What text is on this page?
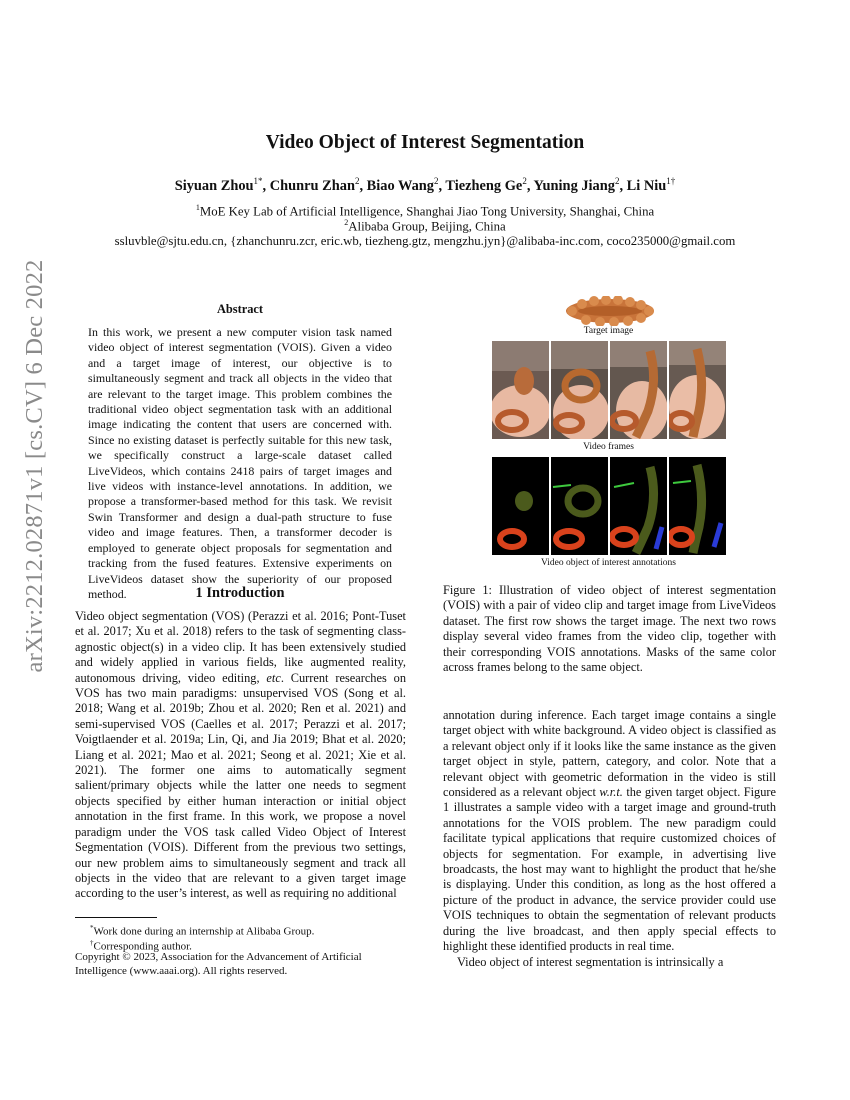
arXiv:2212.02871v1 [cs.CV] 6 Dec 2022
Video Object of Interest Segmentation
Siyuan Zhou$^{1*}$, Chunru Zhan$^2$, Biao Wang$^2$, Tiezheng Ge$^2$, Yuning Jiang$^2$, Li Niu$^{1\dagger}$
$^1$MoE Key Lab of Artificial Intelligence, Shanghai Jiao Tong University, Shanghai, China
$^2$Alibaba Group, Beijing, China
ssluvble@sjtu.edu.cn, {zhanchunru.zcr, eric.wb, tiezheng.gtz, mengzhu.jyn}@alibaba-inc.com, coco235000@gmail.com
Abstract
In this work, we present a new computer vision task named video object of interest segmentation (VOIS). Given a video and a target image of interest, our objective is to simultaneously segment and track all objects in the video that are relevant to the target image. This problem combines the traditional video object segmentation task with an additional image indicating the content that users are concerned with. Since no existing dataset is perfectly suitable for this new task, we specifically construct a large-scale dataset called LiveVideos, which contains 2418 pairs of target images and live videos with instance-level annotations. In addition, we propose a transformer-based method for this task. We revisit Swin Transformer and design a dual-path structure to fuse video and image features. Then, a transformer decoder is employed to generate object proposals for segmentation and tracking from the fused features. Extensive experiments on LiveVideos dataset show the superiority of our proposed method.	1 Introduction
Video object segmentation (VOS) (Perazzi et al. 2016; Pont-Tuset et al. 2017; Xu et al. 2018) refers to the task of segmenting class-agnostic object(s) in a video clip. It has been extensively studied and widely applied in various fields, like augmented reality, autonomous driving, video editing, etc. Current researches on VOS has two main paradigms: unsupervised VOS (Song et al. 2018; Wang et al. 2019b; Zhou et al. 2020; Ren et al. 2021) and semi-supervised VOS (Caelles et al. 2017; Perazzi et al. 2017; Voigtlaender et al. 2019a; Lin, Qi, and Jia 2019; Bhat et al. 2020; Liang et al. 2021; Mao et al. 2021; Seong et al. 2021; Xie et al. 2021). The former one aims to automatically segment salient/primary objects while the latter one needs to segment objects specified by either human interaction or initial object annotation in the first frame. In this work, we propose a novel paradigm under the VOS task called Video Object of Interest Segmentation (VOIS). Different from the previous two settings, our new problem aims to simultaneously segment and track all objects in the video that are relevant to a given target image according to the user’s interest, as well as requiring no additional
*Work done during an internship at Alibaba Group.
†Corresponding author.
Copyright © 2023, Association for the Advancement of Artificial Intelligence (www.aaai.org). All rights reserved.
Target image
Video frames
Video object of interest annotations
Figure 1: Illustration of video object of interest segmentation (VOIS) with a pair of video clip and target image from LiveVideos dataset. The first row shows the target image. The next two rows display several video frames from the video clip, together with their corresponding VOIS annotations. Masks of the same color across frames belong to the same object.
annotation during inference. Each target image contains a single target object with white background. A video object is classified as a relevant object only if it looks like the same instance as the given target object in style, pattern, category, and color. Note that a relevant object with geometric deformation in the video is still considered as a relevant object w.r.t. the given target object. Figure 1 illustrates a sample video with a target image and ground-truth annotations for the VOIS problem. The new paradigm could facilitate typical applications that require customized choices of objects for segmentation. For example, in advertising live broadcasts, the host may want to highlight the product that he/she is displaying. Under this condition, as long as the host offered a picture of the product in advance, the service provider could use VOIS techniques to obtain the segmentation of relevant products during the live broadcast, and then apply special effects to highlight these identified products in real time.
Video object of interest segmentation is intrinsically a
